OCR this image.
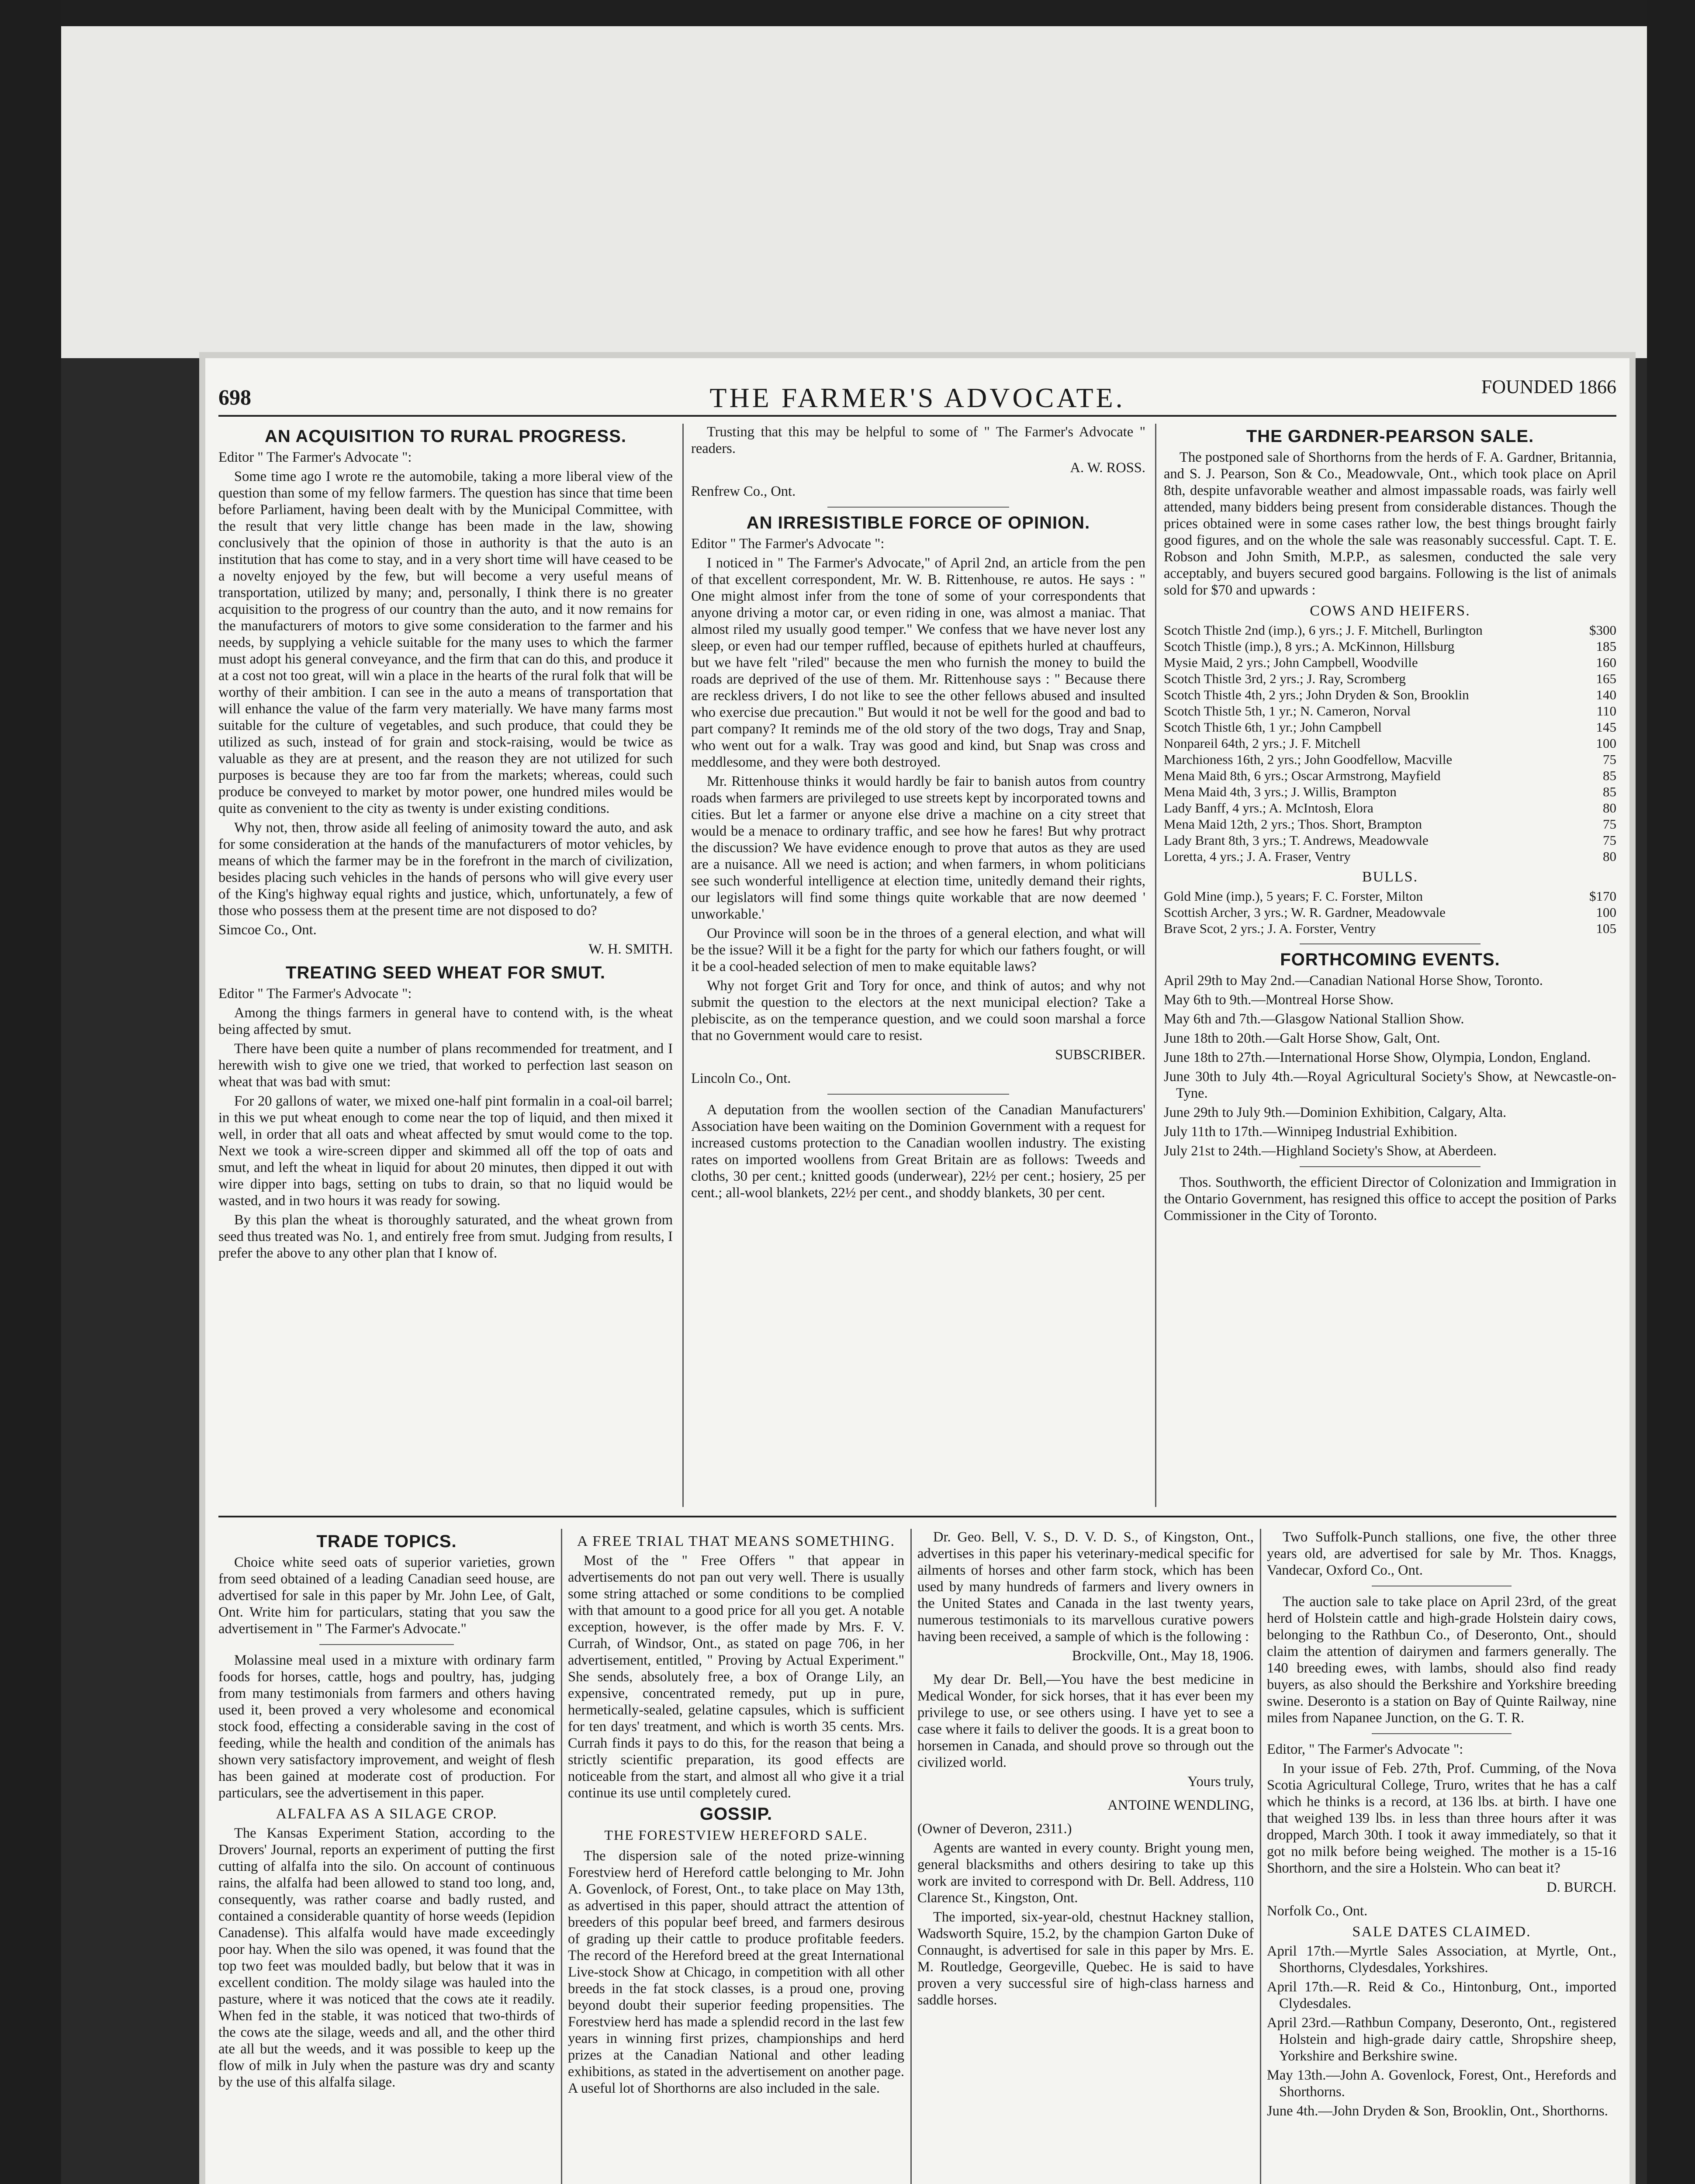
698	THE FARMER'S ADVOCATE.	FOUNDED 1866
AN ACQUISITION TO RURAL PROGRESS.

Editor " The Farmer's Advocate ":

Some time ago I wrote re the automobile, taking a more liberal view of the question than some of my fellow farmers. The question has since that time been before Parliament, having been dealt with by the Municipal Committee, with the result that very little change has been made in the law, showing conclusively that the opinion of those in authority is that the auto is an institution that has come to stay, and in a very short time will have ceased to be a novelty enjoyed by the few, but will become a very useful means of transportation, utilized by many; and, personally, I think there is no greater acquisition to the progress of our country than the auto, and it now remains for the manufacturers of motors to give some consideration to the farmer and his needs, by supplying a vehicle suitable for the many uses to which the farmer must adopt his general conveyance, and the firm that can do this, and produce it at a cost not too great, will win a place in the hearts of the rural folk that will be worthy of their ambition. I can see in the auto a means of transportation that will enhance the value of the farm very materially. We have many farms most suitable for the culture of vegetables, and such produce, that could they be utilized as such, instead of for grain and stock-raising, would be twice as valuable as they are at present, and the reason they are not utilized for such purposes is because they are too far from the markets; whereas, could such produce be conveyed to market by motor power, one hundred miles would be quite as convenient to the city as twenty is under existing conditions.

Why not, then, throw aside all feeling of animosity toward the auto, and ask for some consideration at the hands of the manufacturers of motor vehicles, by means of which the farmer may be in the forefront in the march of civilization, besides placing such vehicles in the hands of persons who will give every user of the King's highway equal rights and justice, which, unfortunately, a few of those who possess them at the present time are not disposed to do?

Simcoe Co., Ont.

W. H. SMITH.

TREATING SEED WHEAT FOR SMUT.

Editor " The Farmer's Advocate ":

Among the things farmers in general have to contend with, is the wheat being affected by smut.

There have been quite a number of plans recommended for treatment, and I herewith wish to give one we tried, that worked to perfection last season on wheat that was bad with smut:

For 20 gallons of water, we mixed one-half pint formalin in a coal-oil barrel; in this we put wheat enough to come near the top of liquid, and then mixed it well, in order that all oats and wheat affected by smut would come to the top. Next we took a wire-screen dipper and skimmed all off the top of oats and smut, and left the wheat in liquid for about 20 minutes, then dipped it out with wire dipper into bags, setting on tubs to drain, so that no liquid would be wasted, and in two hours it was ready for sowing.

By this plan the wheat is thoroughly saturated, and the wheat grown from seed thus treated was No. 1, and entirely free from smut. Judging from results, I prefer the above to any other plan that I know of.

Trusting that this may be helpful to some of " The Farmer's Advocate " readers.

A. W. ROSS.

Renfrew Co., Ont.

AN IRRESISTIBLE FORCE OF OPINION.

Editor " The Farmer's Advocate ":

I noticed in " The Farmer's Advocate," of April 2nd, an article from the pen of that excellent correspondent, Mr. W. B. Rittenhouse, re autos. He says : " One might almost infer from the tone of some of your correspondents that anyone driving a motor car, or even riding in one, was almost a maniac. That almost riled my usually good temper." We confess that we have never lost any sleep, or even had our temper ruffled, because of epithets hurled at chauffeurs, but we have felt "riled" because the men who furnish the money to build the roads are deprived of the use of them. Mr. Rittenhouse says : " Because there are reckless drivers, I do not like to see the other fellows abused and insulted who exercise due precaution." But would it not be well for the good and bad to part company? It reminds me of the old story of the two dogs, Tray and Snap, who went out for a walk. Tray was good and kind, but Snap was cross and meddlesome, and they were both destroyed.

Mr. Rittenhouse thinks it would hardly be fair to banish autos from country roads when farmers are privileged to use streets kept by incorporated towns and cities. But let a farmer or anyone else drive a machine on a city street that would be a menace to ordinary traffic, and see how he fares! But why protract the discussion? We have evidence enough to prove that autos as they are used are a nuisance. All we need is action; and when farmers, in whom politicians see such wonderful intelligence at election time, unitedly demand their rights, our legislators will find some things quite workable that are now deemed ' unworkable.'

Our Province will soon be in the throes of a general election, and what will be the issue? Will it be a fight for the party for which our fathers fought, or will it be a cool-headed selection of men to make equitable laws?

Why not forget Grit and Tory for once, and think of autos; and why not submit the question to the electors at the next municipal election? Take a plebiscite, as on the temperance question, and we could soon marshal a force that no Government would care to resist.

SUBSCRIBER.

Lincoln Co., Ont.

A deputation from the woollen section of the Canadian Manufacturers' Association have been waiting on the Dominion Government with a request for increased customs protection to the Canadian woollen industry. The existing rates on imported woollens from Great Britain are as follows: Tweeds and cloths, 30 per cent.; knitted goods (underwear), 22½ per cent.; hosiery, 25 per cent.; all-wool blankets, 22½ per cent., and shoddy blankets, 30 per cent.

THE GARDNER-PEARSON SALE.

The postponed sale of Shorthorns from the herds of F. A. Gardner, Britannia, and S. J. Pearson, Son & Co., Meadowvale, Ont., which took place on April 8th, despite unfavorable weather and almost impassable roads, was fairly well attended, many bidders being present from considerable distances. Though the prices obtained were in some cases rather low, the best things brought fairly good figures, and on the whole the sale was reasonably successful. Capt. T. E. Robson and John Smith, M.P.P., as salesmen, conducted the sale very acceptably, and buyers secured good bargains. Following is the list of animals sold for $70 and upwards :

COWS AND HEIFERS.
Scotch Thistle 2nd (imp.), 6 yrs.; J. F. Mitchell, Burlington	$300
Scotch Thistle (imp.), 8 yrs.; A. McKinnon, Hillsburg	185
Mysie Maid, 2 yrs.; John Campbell, Woodville	160
Scotch Thistle 3rd, 2 yrs.; J. Ray, Scromberg	165
Scotch Thistle 4th, 2 yrs.; John Dryden & Son, Brooklin	140
Scotch Thistle 5th, 1 yr.; N. Cameron, Norval	110
Scotch Thistle 6th, 1 yr.; John Campbell	145
Nonpareil 64th, 2 yrs.; J. F. Mitchell	100
Marchioness 16th, 2 yrs.; John Goodfellow, Macville	75
Mena Maid 8th, 6 yrs.; Oscar Armstrong, Mayfield	85
Mena Maid 4th, 3 yrs.; J. Willis, Brampton	85
Lady Banff, 4 yrs.; A. McIntosh, Elora	80
Mena Maid 12th, 2 yrs.; Thos. Short, Brampton	75
Lady Brant 8th, 3 yrs.; T. Andrews, Meadowvale	75
Loretta, 4 yrs.; J. A. Fraser, Ventry	80
BULLS.
Gold Mine (imp.), 5 years; F. C. Forster, Milton	$170
Scottish Archer, 3 yrs.; W. R. Gardner, Meadowvale	100
Brave Scot, 2 yrs.; J. A. Forster, Ventry	105
FORTHCOMING EVENTS.

April 29th to May 2nd.—Canadian National Horse Show, Toronto.

May 6th to 9th.—Montreal Horse Show.

May 6th and 7th.—Glasgow National Stallion Show.

June 18th to 20th.—Galt Horse Show, Galt, Ont.

June 18th to 27th.—International Horse Show, Olympia, London, England.

June 30th to July 4th.—Royal Agricultural Society's Show, at Newcastle-on-Tyne.

June 29th to July 9th.—Dominion Exhibition, Calgary, Alta.

July 11th to 17th.—Winnipeg Industrial Exhibition.

July 21st to 24th.—Highland Society's Show, at Aberdeen.

Thos. Southworth, the efficient Director of Colonization and Immigration in the Ontario Government, has resigned this office to accept the position of Parks Commissioner in the City of Toronto.

TRADE TOPICS.

Choice white seed oats of superior varieties, grown from seed obtained of a leading Canadian seed house, are advertised for sale in this paper by Mr. John Lee, of Galt, Ont. Write him for particulars, stating that you saw the advertisement in " The Farmer's Advocate."

Molassine meal used in a mixture with ordinary farm foods for horses, cattle, hogs and poultry, has, judging from many testimonials from farmers and others having used it, been proved a very wholesome and economical stock food, effecting a considerable saving in the cost of feeding, while the health and condition of the animals has shown very satisfactory improvement, and weight of flesh has been gained at moderate cost of production. For particulars, see the advertisement in this paper.

ALFALFA AS A SILAGE CROP.

The Kansas Experiment Station, according to the Drovers' Journal, reports an experiment of putting the first cutting of alfalfa into the silo. On account of continuous rains, the alfalfa had been allowed to stand too long, and, consequently, was rather coarse and badly rusted, and contained a considerable quantity of horse weeds (Iepidion Canadense). This alfalfa would have made exceedingly poor hay. When the silo was opened, it was found that the top two feet was moulded badly, but below that it was in excellent condition. The moldy silage was hauled into the pasture, where it was noticed that the cows ate it readily. When fed in the stable, it was noticed that two-thirds of the cows ate the silage, weeds and all, and the other third ate all but the weeds, and it was possible to keep up the flow of milk in July when the pasture was dry and scanty by the use of this alfalfa silage.

A FREE TRIAL THAT MEANS SOMETHING.

Most of the " Free Offers " that appear in advertisements do not pan out very well. There is usually some string attached or some conditions to be complied with that amount to a good price for all you get. A notable exception, however, is the offer made by Mrs. F. V. Currah, of Windsor, Ont., as stated on page 706, in her advertisement, entitled, " Proving by Actual Experiment." She sends, absolutely free, a box of Orange Lily, an expensive, concentrated remedy, put up in pure, hermetically-sealed, gelatine capsules, which is sufficient for ten days' treatment, and which is worth 35 cents. Mrs. Currah finds it pays to do this, for the reason that being a strictly scientific preparation, its good effects are noticeable from the start, and almost all who give it a trial continue its use until completely cured.

GOSSIP.
THE FORESTVIEW HEREFORD SALE.

The dispersion sale of the noted prize-winning Forestview herd of Hereford cattle belonging to Mr. John A. Govenlock, of Forest, Ont., to take place on May 13th, as advertised in this paper, should attract the attention of breeders of this popular beef breed, and farmers desirous of grading up their cattle to produce profitable feeders. The record of the Hereford breed at the great International Live-stock Show at Chicago, in competition with all other breeds in the fat stock classes, is a proud one, proving beyond doubt their superior feeding propensities. The Forestview herd has made a splendid record in the last few years in winning first prizes, championships and herd prizes at the Canadian National and other leading exhibitions, as stated in the advertisement on another page. A useful lot of Shorthorns are also included in the sale.

Dr. Geo. Bell, V. S., D. V. D. S., of Kingston, Ont., advertises in this paper his veterinary-medical specific for ailments of horses and other farm stock, which has been used by many hundreds of farmers and livery owners in the United States and Canada in the last twenty years, numerous testimonials to its marvellous curative powers having been received, a sample of which is the following :

Brockville, Ont., May 18, 1906.

My dear Dr. Bell,—You have the best medicine in Medical Wonder, for sick horses, that it has ever been my privilege to use, or see others using. I have yet to see a case where it fails to deliver the goods. It is a great boon to horsemen in Canada, and should prove so through out the civilized world.

Yours truly,

ANTOINE WENDLING,

(Owner of Deveron, 2311.)

Agents are wanted in every county. Bright young men, general blacksmiths and others desiring to take up this work are invited to correspond with Dr. Bell. Address, 110 Clarence St., Kingston, Ont.

The imported, six-year-old, chestnut Hackney stallion, Wadsworth Squire, 15.2, by the champion Garton Duke of Connaught, is advertised for sale in this paper by Mrs. E. M. Routledge, Georgeville, Quebec. He is said to have proven a very successful sire of high-class harness and saddle horses.

Two Suffolk-Punch stallions, one five, the other three years old, are advertised for sale by Mr. Thos. Knaggs, Vandecar, Oxford Co., Ont.

The auction sale to take place on April 23rd, of the great herd of Holstein cattle and high-grade Holstein dairy cows, belonging to the Rathbun Co., of Deseronto, Ont., should claim the attention of dairymen and farmers generally. The 140 breeding ewes, with lambs, should also find ready buyers, as also should the Berkshire and Yorkshire breeding swine. Deseronto is a station on Bay of Quinte Railway, nine miles from Napanee Junction, on the G. T. R.

Editor, " The Farmer's Advocate ":

In your issue of Feb. 27th, Prof. Cumming, of the Nova Scotia Agricultural College, Truro, writes that he has a calf which he thinks is a record, at 136 lbs. at birth. I have one that weighed 139 lbs. in less than three hours after it was dropped, March 30th. I took it away immediately, so that it got no milk before being weighed. The mother is a 15-16 Shorthorn, and the sire a Holstein. Who can beat it?

D. BURCH.

Norfolk Co., Ont.

SALE DATES CLAIMED.

April 17th.—Myrtle Sales Association, at Myrtle, Ont., Shorthorns, Clydesdales, Yorkshires.

April 17th.—R. Reid & Co., Hintonburg, Ont., imported Clydesdales.

April 23rd.—Rathbun Company, Deseronto, Ont., registered Holstein and high-grade dairy cattle, Shropshire sheep, Yorkshire and Berkshire swine.

May 13th.—John A. Govenlock, Forest, Ont., Herefords and Shorthorns.

June 4th.—John Dryden & Son, Brooklin, Ont., Shorthorns.
